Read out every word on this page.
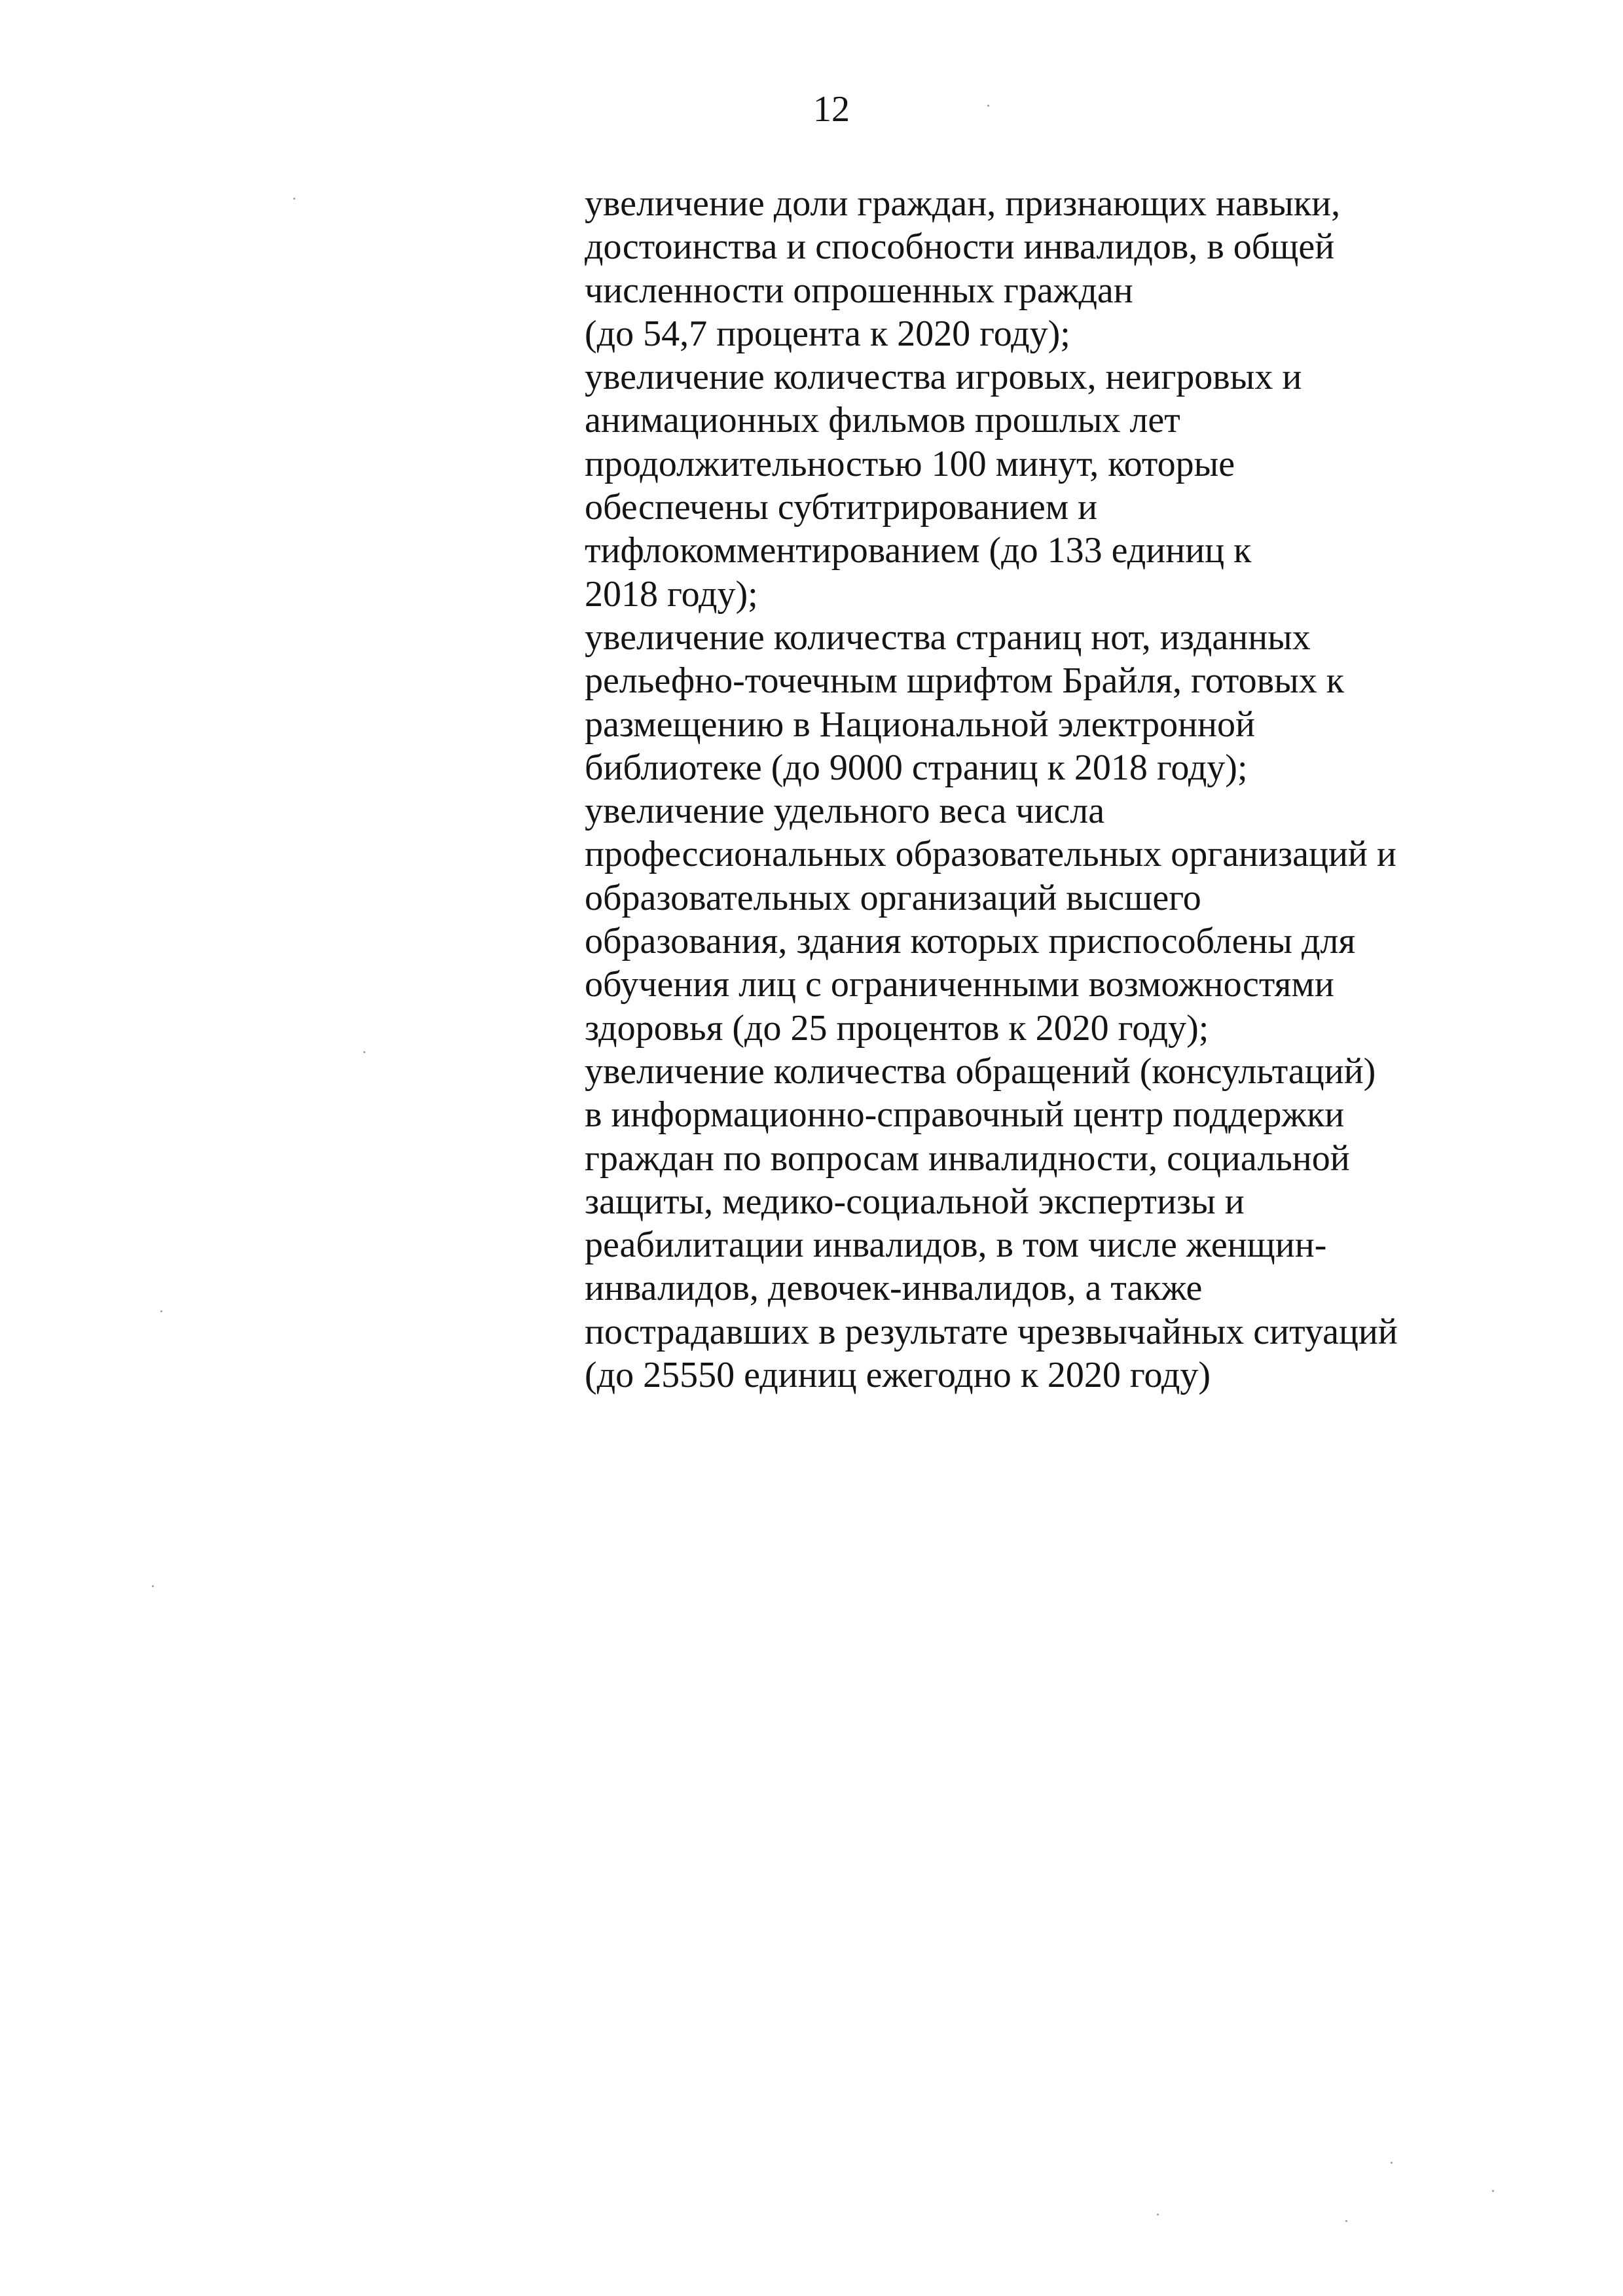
12
увеличение доли граждан, признающих навыки,
достоинства и способности инвалидов, в общей
численности опрошенных граждан
(до 54,7 процента к 2020 году);
увеличение количества игровых, неигровых и
анимационных фильмов прошлых лет
продолжительностью 100 минут, которые
обеспечены субтитрированием и
тифлокомментированием (до 133 единиц к
2018 году);
увеличение количества страниц нот, изданных
рельефно-точечным шрифтом Брайля, готовых к
размещению в Национальной электронной
библиотеке (до 9000 страниц к 2018 году);
увеличение удельного веса числа
профессиональных образовательных организаций и
образовательных организаций высшего
образования, здания которых приспособлены для
обучения лиц с ограниченными возможностями
здоровья (до 25 процентов к 2020 году);
увеличение количества обращений (консультаций)
в информационно-справочный центр поддержки
граждан по вопросам инвалидности, социальной
защиты, медико-социальной экспертизы и
реабилитации инвалидов, в том числе женщин-
инвалидов, девочек-инвалидов, а также
пострадавших в результате чрезвычайных ситуаций
(до 25550 единиц ежегодно к 2020 году)
